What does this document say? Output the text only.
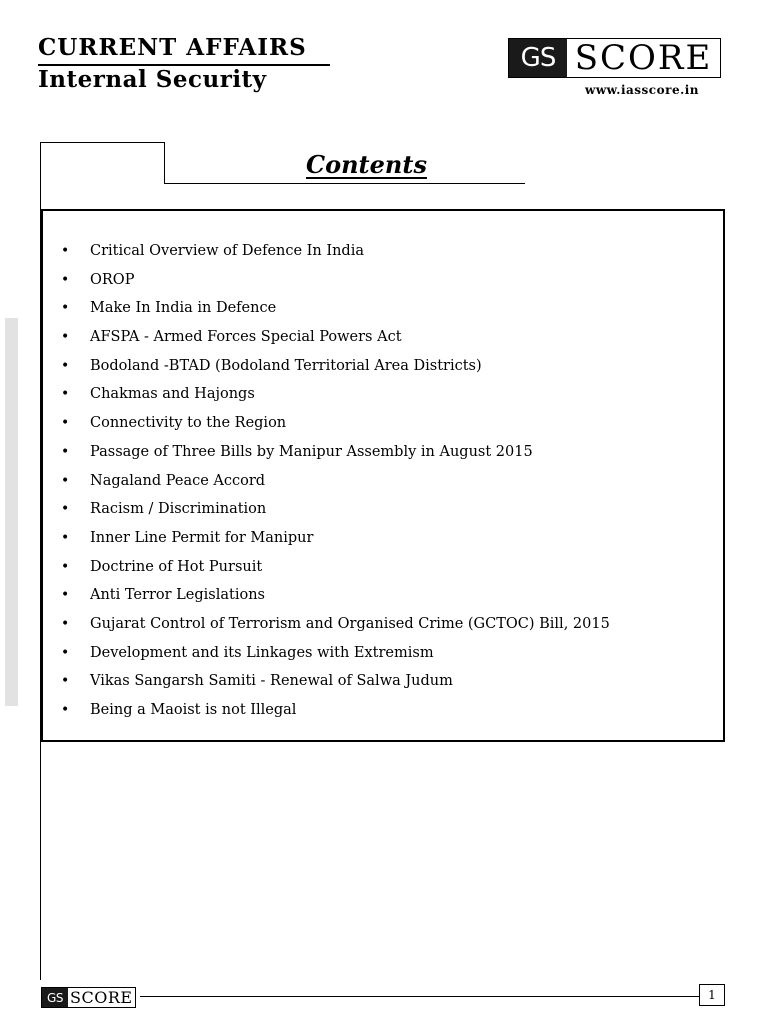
CURRENT AFFAIRS
Internal Security
GS SCORE
www.iasscore.in
Contents
• Critical Overview of Defence In India
• OROP
• Make In India in Defence
• AFSPA - Armed Forces Special Powers Act
• Bodoland -BTAD (Bodoland Territorial Area Districts)
• Chakmas and Hajongs
• Connectivity to the Region
• Passage of Three Bills by Manipur Assembly in August 2015
• Nagaland Peace Accord
• Racism / Discrimination
• Inner Line Permit for Manipur
• Doctrine of Hot Pursuit
• Anti Terror Legislations
• Gujarat Control of Terrorism and Organised Crime (GCTOC) Bill, 2015
• Development and its Linkages with Extremism
• Vikas Sangarsh Samiti - Renewal of Salwa Judum
• Being a Maoist is not Illegal
GS SCORE	1
